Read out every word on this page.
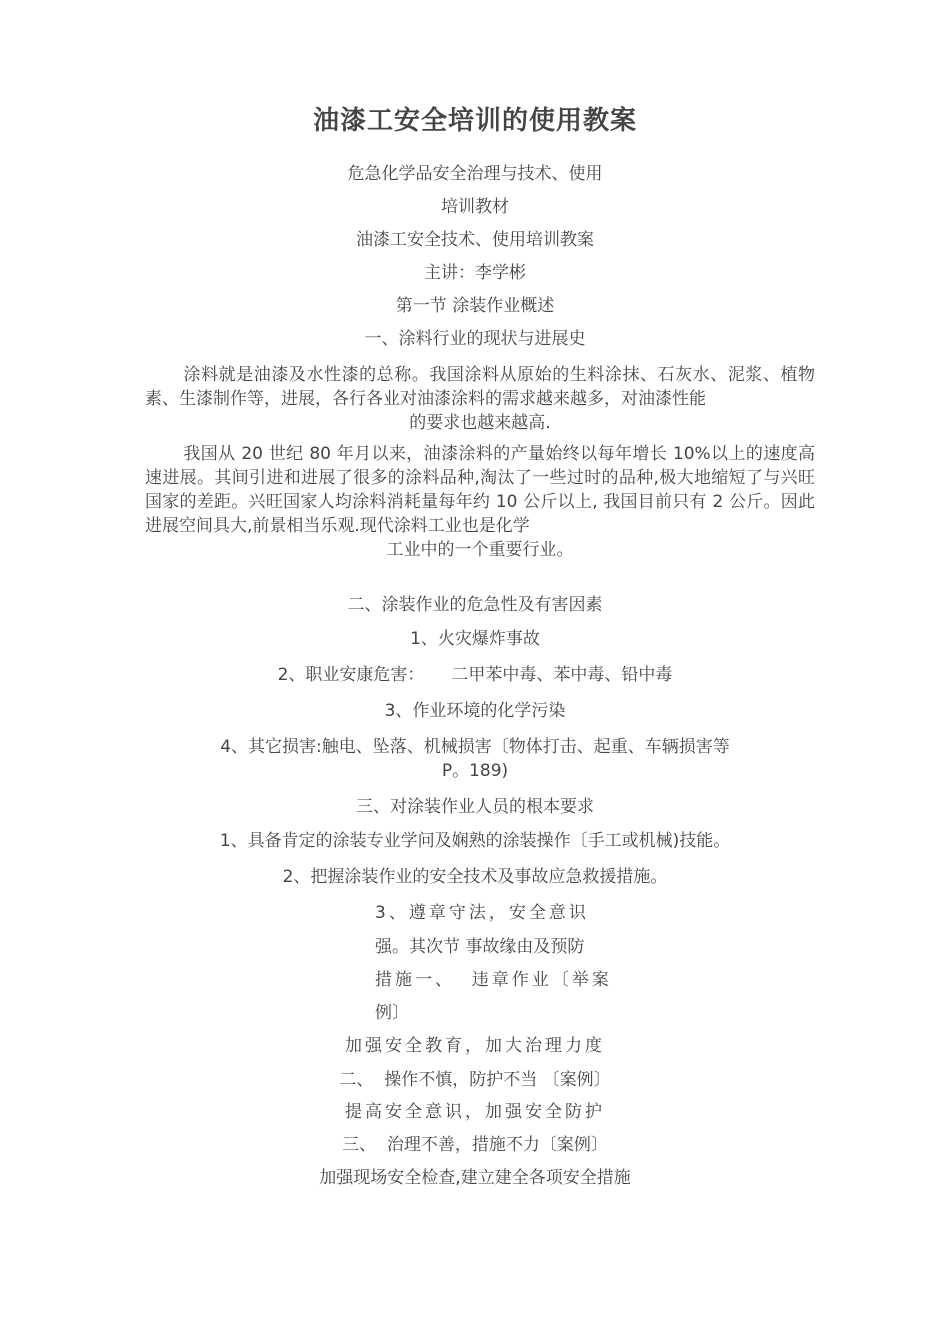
油漆工安全培训的使用教案
危急化学品安全治理与技术、使用
培训教材
油漆工安全技术、使用培训教案
主讲：李学彬
第一节 涂装作业概述
一、涂料行业的现状与进展史
涂料就是油漆及水性漆的总称。我国涂料从原始的生料涂抹、石灰水、泥浆、植物素、生漆制作等，进展，各行各业对油漆涂料的需求越来越多，对油漆性能
的要求也越来越高.
我国从 20 世纪 80 年月以来，油漆涂料的产量始终以每年增长 10%以上的速度高速进展。其间引进和进展了很多的涂料品种,淘汰了一些过时的品种,极大地缩短了与兴旺国家的差距。兴旺国家人均涂料消耗量每年约 10 公斤以上, 我国目前只有 2 公斤。因此进展空间具大,前景相当乐观.现代涂料工业也是化学
工业中的一个重要行业。
二、涂装作业的危急性及有害因素
1、火灾爆炸事故
2、职业安康危害：     二甲苯中毒、苯中毒、铅中毒
3、作业环境的化学污染
4、其它损害:触电、坠落、机械损害〔物体打击、起重、车辆损害等
P。189)
三、对涂装作业人员的根本要求
1、具备肯定的涂装专业学问及娴熟的涂装操作〔手工或机械)技能。
2、把握涂装作业的安全技术及事故应急救援措施。
3、遵章守法，安全意识
强。其次节 事故缘由及预防
措施一、  违章作业〔举案
例〕
加强安全教育，加大治理力度
二、  操作不慎，防护不当 〔案例〕
提高安全意识，加强安全防护
三、  治理不善，措施不力〔案例〕
加强现场安全检查,建立建全各项安全措施
